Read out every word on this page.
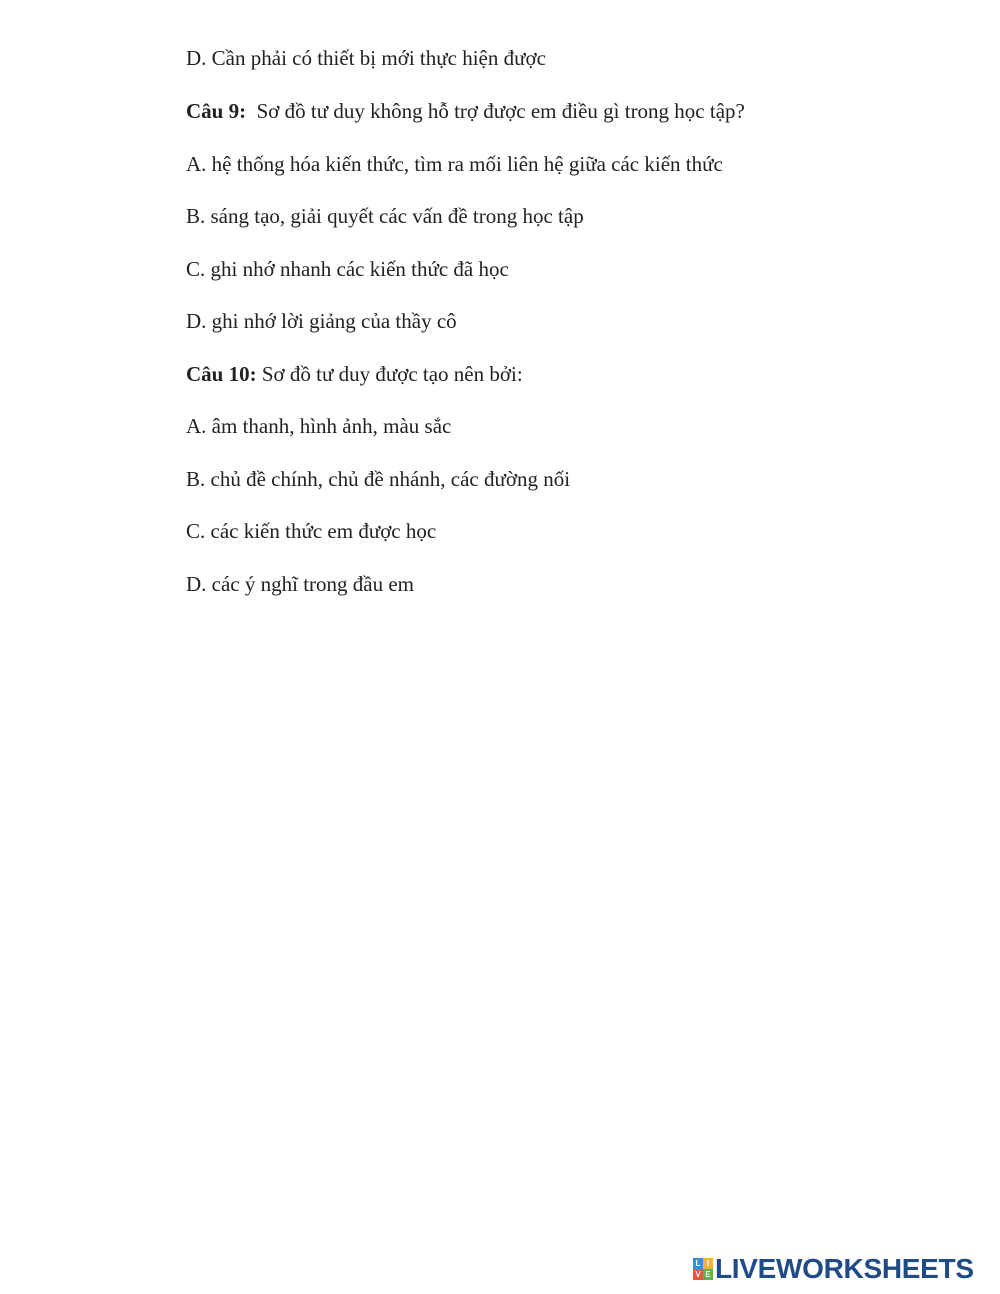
D. Cần phải có thiết bị mới thực hiện được
Câu 9:  Sơ đồ tư duy không hỗ trợ được em điều gì trong học tập?
A. hệ thống hóa kiến thức, tìm ra mối liên hệ giữa các kiến thức
B. sáng tạo, giải quyết các vấn đề trong học tập
C. ghi nhớ nhanh các kiến thức đã học
D. ghi nhớ lời giảng của thầy cô
Câu 10: Sơ đồ tư duy được tạo nên bởi:
A. âm thanh, hình ảnh, màu sắc
B. chủ đề chính, chủ đề nhánh, các đường nối
C. các kiến thức em được học
D. các ý nghĩ trong đầu em
L I
V E LIVEWORKSHEETS
